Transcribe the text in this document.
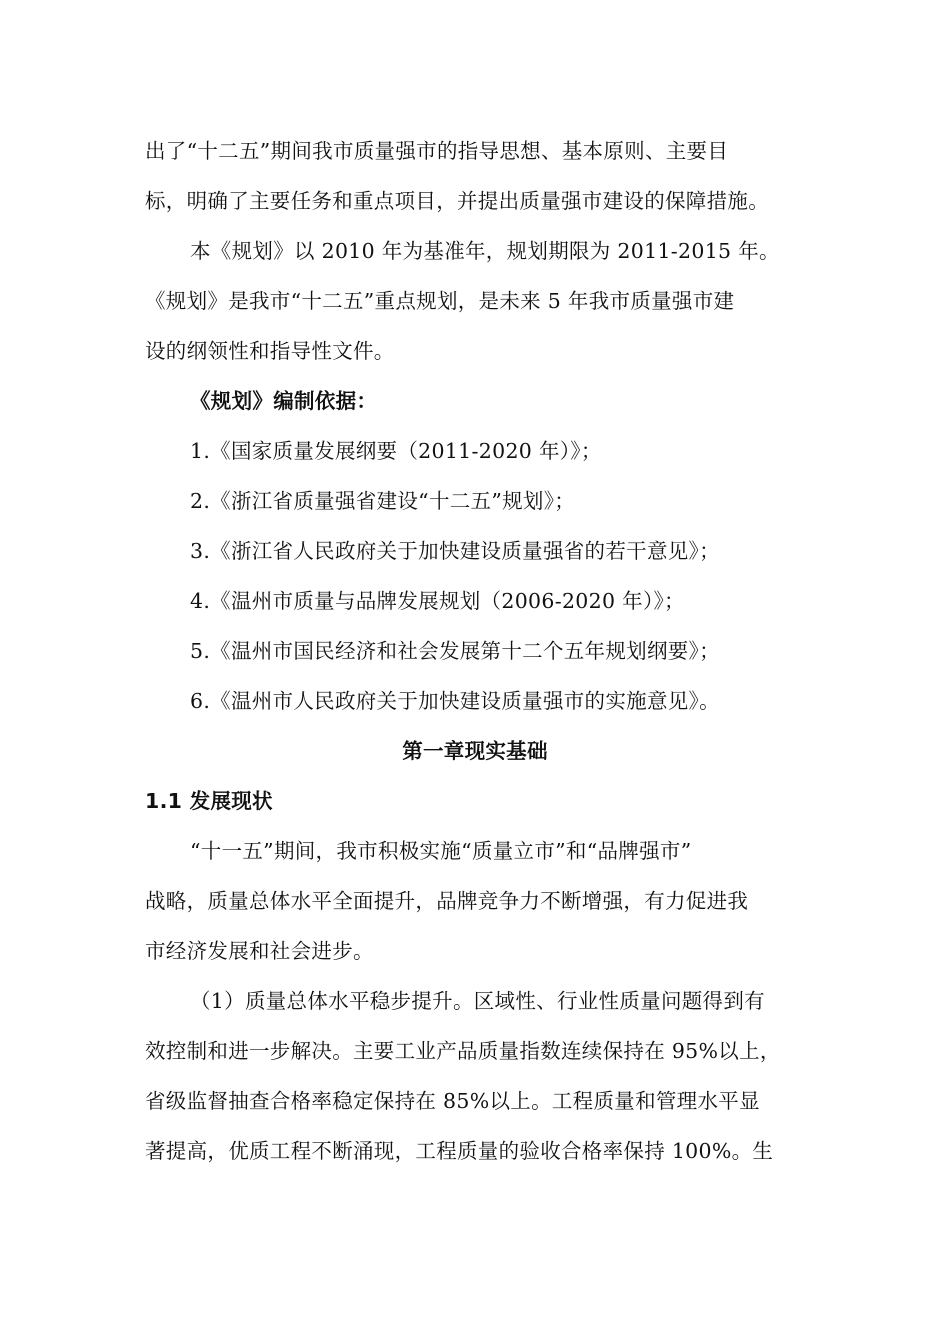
出了“十二五”期间我市质量强市的指导思想、基本原则、主要目
标，明确了主要任务和重点项目，并提出质量强市建设的保障措施。
本《规划》以 2010 年为基准年，规划期限为 2011-2015 年。
《规划》是我市“十二五”重点规划，是未来 5 年我市质量强市建
设的纲领性和指导性文件。
《规划》编制依据：
1.《国家质量发展纲要（2011-2020 年）》；
2.《浙江省质量强省建设“十二五”规划》；
3.《浙江省人民政府关于加快建设质量强省的若干意见》；
4.《温州市质量与品牌发展规划（2006-2020 年）》；
5.《温州市国民经济和社会发展第十二个五年规划纲要》；
6.《温州市人民政府关于加快建设质量强市的实施意见》。
第一章现实基础
1.1 发展现状
“十一五”期间，我市积极实施“质量立市”和“品牌强市”
战略，质量总体水平全面提升，品牌竞争力不断增强，有力促进我
市经济发展和社会进步。
（1）质量总体水平稳步提升。区域性、行业性质量问题得到有
效控制和进一步解决。主要工业产品质量指数连续保持在 95%以上，
省级监督抽查合格率稳定保持在 85%以上。工程质量和管理水平显
著提高，优质工程不断涌现，工程质量的验收合格率保持 100%。生
